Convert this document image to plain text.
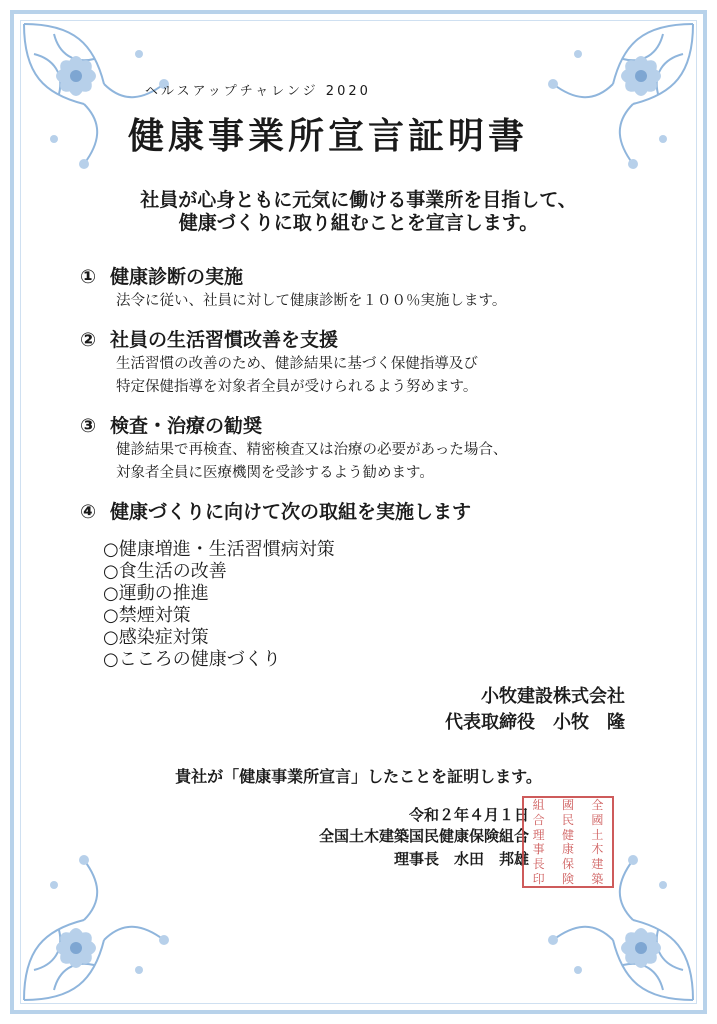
ヘルスアップチャレンジ 2020
健康事業所宣言証明書
社員が心身ともに元気に働ける事業所を目指して、
健康づくりに取り組むことを宣言します。
① 健康診断の実施
法令に従い、社員に対して健康診断を１００％実施します。
② 社員の生活習慣改善を支援
生活習慣の改善のため、健診結果に基づく保健指導及び
特定保健指導を対象者全員が受けられるよう努めます。
③ 検査・治療の勧奨
健診結果で再検査、精密検査又は治療の必要があった場合、
対象者全員に医療機関を受診するよう勧めます。
④ 健康づくりに向けて次の取組を実施します
○健康増進・生活習慣病対策
○食生活の改善
○運動の推進
○禁煙対策
○感染症対策
○こころの健康づくり
小牧建設株式会社
代表取締役　小牧　隆
貴社が「健康事業所宣言」したことを証明します。
令和２年４月１日
全国土木建築国民健康保険組合
理事長　水田　邦雄
組
合
理
事
長
印
國
民
健
康
保
険
全
國
土
木
建
築
